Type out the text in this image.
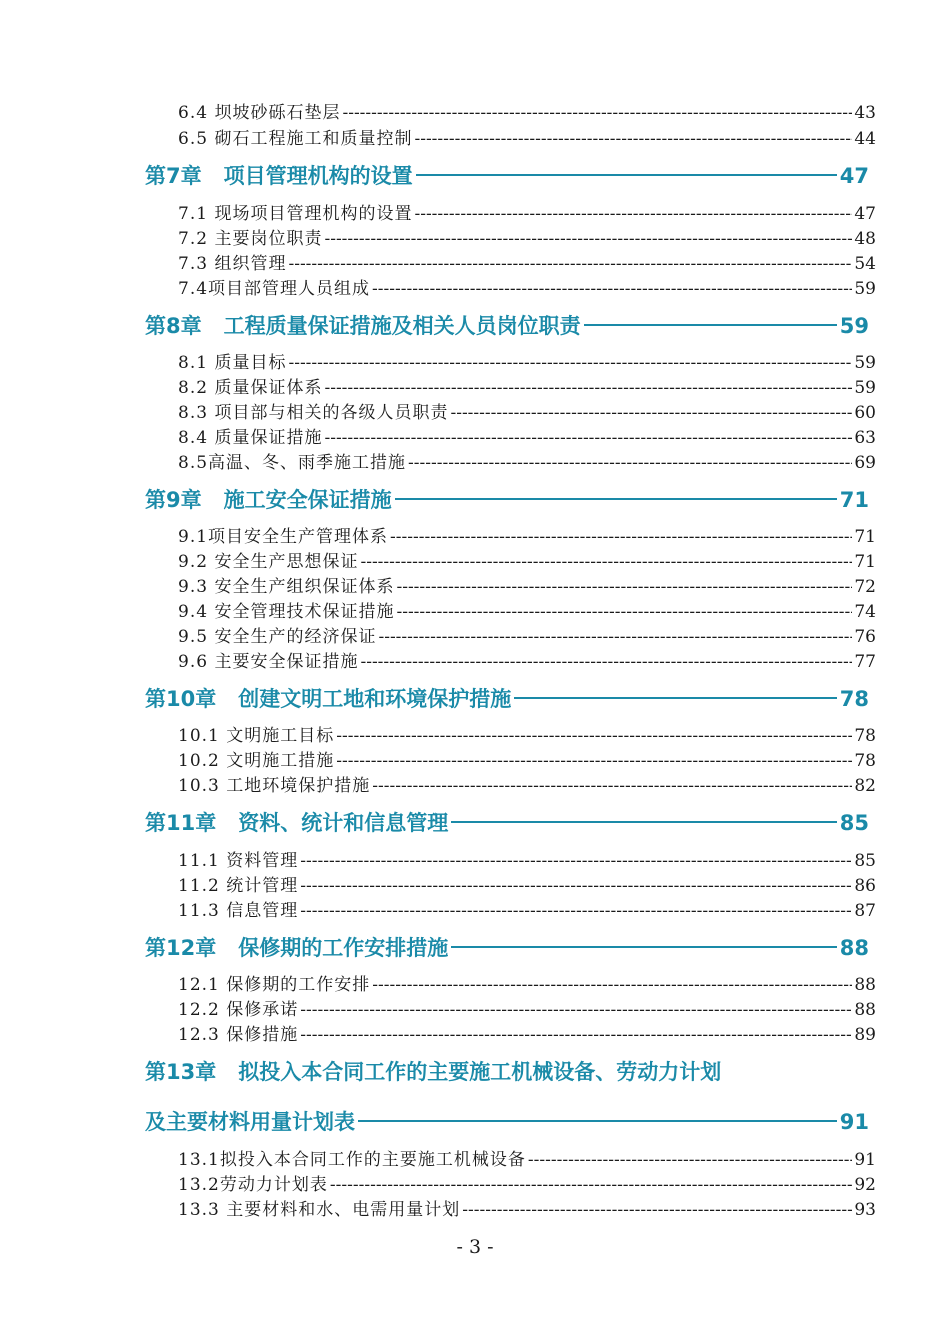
6.4 坝坡砂砾石垫层 -----	43
6.5 砌石工程施工和质量控制 -----	44
第7章 项目管理机构的设置	47
7.1 现场项目管理机构的设置 -----	47
7.2 主要岗位职责 -----	48
7.3 组织管理 -----	54
7.4项目部管理人员组成 -----	59
第8章 工程质量保证措施及相关人员岗位职责	59
8.1 质量目标 -----	59
8.2 质量保证体系 -----	59
8.3 项目部与相关的各级人员职责 -----	60
8.4 质量保证措施 -----	63
8.5高温、冬、雨季施工措施 -----	69
第9章 施工安全保证措施	71
9.1项目安全生产管理体系 -----	71
9.2 安全生产思想保证 -----	71
9.3 安全生产组织保证体系 -----	72
9.4 安全管理技术保证措施 -----	74
9.5 安全生产的经济保证 -----	76
9.6 主要安全保证措施 -----	77
第10章 创建文明工地和环境保护措施	78
10.1 文明施工目标 -----	78
10.2 文明施工措施 -----	78
10.3 工地环境保护措施 -----	82
第11章 资料、统计和信息管理	85
11.1 资料管理 -----	85
11.2 统计管理 -----	86
11.3 信息管理 -----	87
第12章 保修期的工作安排措施	88
12.1 保修期的工作安排 -----	88
12.2 保修承诺 -----	88
12.3 保修措施 -----	89
第13章 拟投入本合同工作的主要施工机械设备、劳动力计划
及主要材料用量计划表	91
13.1拟投入本合同工作的主要施工机械设备 -----	91
13.2劳动力计划表 -----	92
13.3 主要材料和水、电需用量计划 -----	93
- 3 -
